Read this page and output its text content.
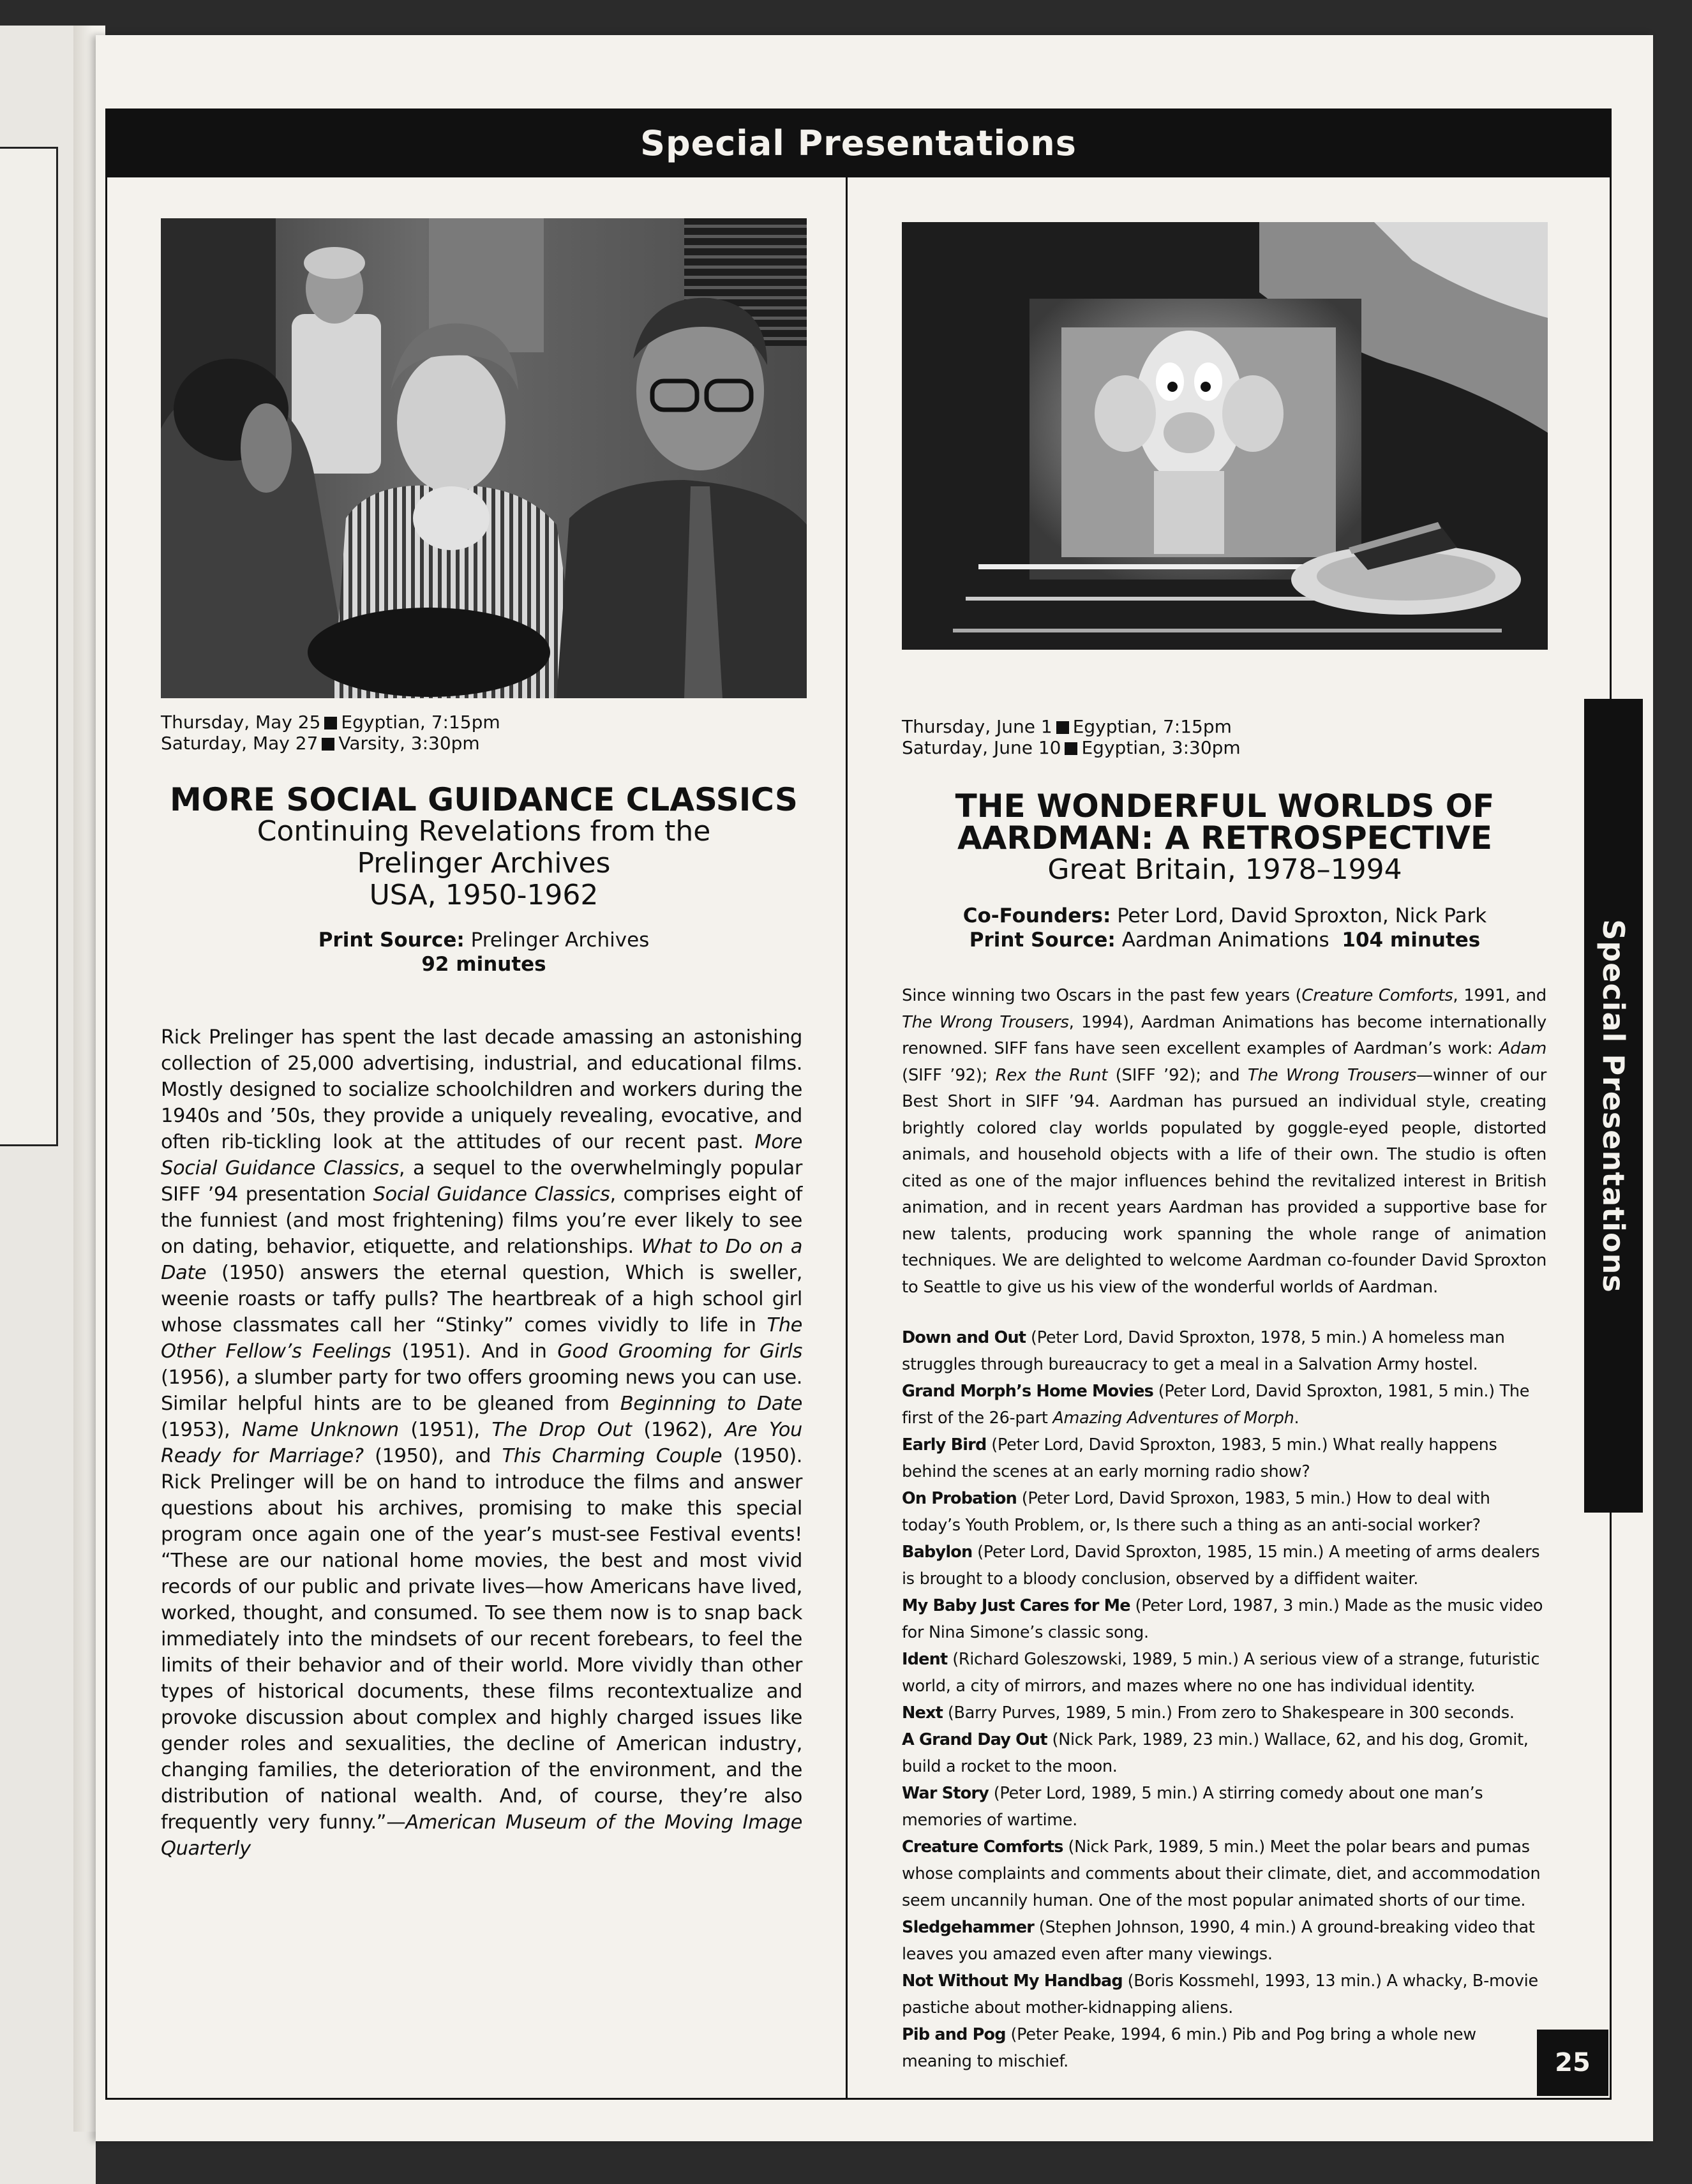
Special Presentations
Special Presentations
Thursday, May 25 Egyptian, 7:15pm
Saturday, May 27 Varsity, 3:30pm
MORE SOCIAL GUIDANCE CLASSICS
Continuing Revelations from the
Prelinger Archives
USA, 1950-1962
Print Source: Prelinger Archives
92 minutes
Rick Prelinger has spent the last decade amassing an astonishing collection of 25,000 advertising, industrial, and educational films. Mostly designed to socialize schoolchildren and workers during the 1940s and ’50s, they provide a uniquely revealing, evocative, and often rib-tickling look at the attitudes of our recent past. More Social Guidance Classics, a sequel to the overwhelmingly popular SIFF ’94 presentation Social Guidance Classics, comprises eight of the funniest (and most frightening) films you’re ever likely to see on dating, behavior, etiquette, and relationships. What to Do on a Date (1950) answers the eternal question, Which is sweller, weenie roasts or taffy pulls? The heartbreak of a high school girl whose classmates call her “Stinky” comes vividly to life in The Other Fellow’s Feelings (1951). And in Good Grooming for Girls (1956), a slumber party for two offers grooming news you can use. Similar helpful hints are to be gleaned from Beginning to Date (1953), Name Unknown (1951), The Drop Out (1962), Are You Ready for Marriage? (1950), and This Charming Couple (1950). Rick Prelinger will be on hand to introduce the films and answer questions about his archives, promising to make this special program once again one of the year’s must-see Festival events! “These are our national home movies, the best and most vivid records of our public and private lives—how Americans have lived, worked, thought, and consumed. To see them now is to snap back immediately into the mindsets of our recent forebears, to feel the limits of their behavior and of their world. More vividly than other types of historical documents, these films recontextualize and provoke discussion about complex and highly charged issues like gender roles and sexualities, the decline of American industry, changing families, the deterioration of the environment, and the distribution of national wealth. And, of course, they’re also frequently very funny.”—American Museum of the Moving Image Quarterly
Thursday, June 1 Egyptian, 7:15pm
Saturday, June 10 Egyptian, 3:30pm
THE WONDERFUL WORLDS OF
AARDMAN: A RETROSPECTIVE
Great Britain, 1978–1994
Co-Founders: Peter Lord, David Sproxton, Nick Park
Print Source: Aardman Animations 104 minutes
Since winning two Oscars in the past few years (Creature Comforts, 1991, and The Wrong Trousers, 1994), Aardman Animations has become internationally renowned. SIFF fans have seen excellent examples of Aardman’s work: Adam (SIFF ’92); Rex the Runt (SIFF ’92); and The Wrong Trousers—winner of our Best Short in SIFF ’94. Aardman has pursued an individual style, creating brightly colored clay worlds populated by goggle-eyed people, distorted animals, and household objects with a life of their own. The studio is often cited as one of the major influences behind the revitalized interest in British animation, and in recent years Aardman has provided a supportive base for new talents, producing work spanning the whole range of animation techniques. We are delighted to welcome Aardman co-founder David Sproxton to Seattle to give us his view of the wonderful worlds of Aardman.

Down and Out (Peter Lord, David Sproxton, 1978, 5 min.) A homeless man struggles through bureaucracy to get a meal in a Salvation Army hostel.

Grand Morph’s Home Movies (Peter Lord, David Sproxton, 1981, 5 min.) The first of the 26-part Amazing Adventures of Morph.

Early Bird (Peter Lord, David Sproxton, 1983, 5 min.) What really happens behind the scenes at an early morning radio show?

On Probation (Peter Lord, David Sproxon, 1983, 5 min.) How to deal with today’s Youth Problem, or, Is there such a thing as an anti-social worker?

Babylon (Peter Lord, David Sproxton, 1985, 15 min.) A meeting of arms dealers is brought to a bloody conclusion, observed by a diffident waiter.

My Baby Just Cares for Me (Peter Lord, 1987, 3 min.) Made as the music video for Nina Simone’s classic song.

Ident (Richard Goleszowski, 1989, 5 min.) A serious view of a strange, futuristic world, a city of mirrors, and mazes where no one has individual identity.

Next (Barry Purves, 1989, 5 min.) From zero to Shakespeare in 300 seconds.

A Grand Day Out (Nick Park, 1989, 23 min.) Wallace, 62, and his dog, Gromit, build a rocket to the moon.

War Story (Peter Lord, 1989, 5 min.) A stirring comedy about one man’s memories of wartime.

Creature Comforts (Nick Park, 1989, 5 min.) Meet the polar bears and pumas whose complaints and comments about their climate, diet, and accommodation seem uncannily human. One of the most popular animated shorts of our time.

Sledgehammer (Stephen Johnson, 1990, 4 min.) A ground-breaking video that leaves you amazed even after many viewings.

Not Without My Handbag (Boris Kossmehl, 1993, 13 min.) A whacky, B-movie pastiche about mother-kidnapping aliens.

Pib and Pog (Peter Peake, 1994, 6 min.) Pib and Pog bring a whole new meaning to mischief.	25
